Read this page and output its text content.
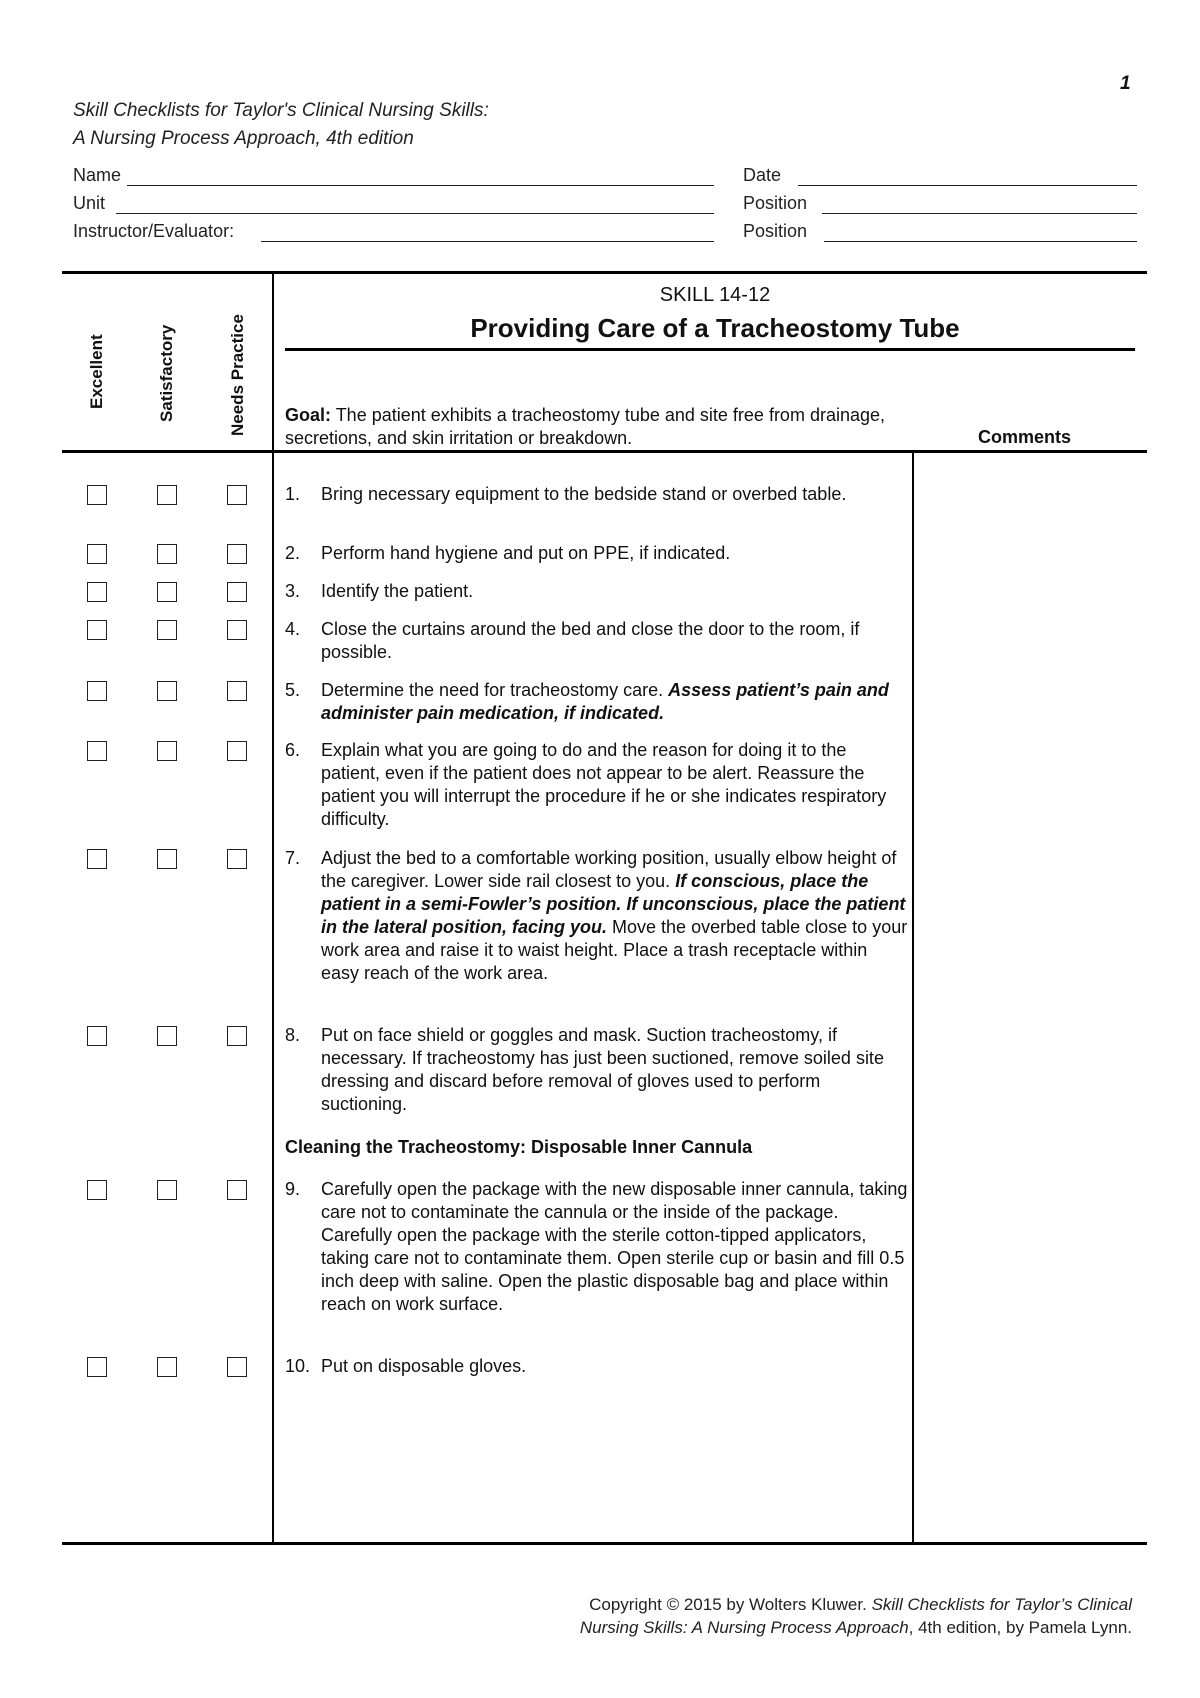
1
Skill Checklists for Taylor's Clinical Nursing Skills:
A Nursing Process Approach, 4th edition
Name	Date
Unit	Position
Instructor/Evaluator:	Position
Excellent	Satisfactory	Needs Practice
SKILL 14-12
Providing Care of a Tracheostomy Tube
Goal: The patient exhibits a tracheostomy tube and site free from drainage, secretions, and skin irritation or breakdown.	Comments
Cleaning the Tracheostomy: Disposable Inner Cannula
Copyright © 2015 by Wolters Kluwer. Skill Checklists for Taylor’s Clinical
Nursing Skills: A Nursing Process Approach, 4th edition, by Pamela Lynn.
1. Bring necessary equipment to the bedside stand or overbed table.
2. Perform hand hygiene and put on PPE, if indicated.
3. Identify the patient.
4. Close the curtains around the bed and close the door to the room, if possible.
5. Determine the need for tracheostomy care. Assess patient’s pain and administer pain medication, if indicated.
6. Explain what you are going to do and the reason for doing it to the patient, even if the patient does not appear to be alert. Reassure the patient you will interrupt the procedure if he or she indicates respiratory difficulty.
7. Adjust the bed to a comfortable working position, usually elbow height of the caregiver. Lower side rail closest to you. If conscious, place the patient in a semi-Fowler’s position. If unconscious, place the patient in the lateral position, facing you. Move the overbed table close to your work area and raise it to waist height. Place a trash receptacle within easy reach of the work area.
8. Put on face shield or goggles and mask. Suction tracheostomy, if necessary. If tracheostomy has just been suctioned, remove soiled site dressing and discard before removal of gloves used to perform suctioning.
9. Carefully open the package with the new disposable inner cannula, taking care not to contaminate the cannula or the inside of the package. Carefully open the package with the sterile cotton-tipped applicators, taking care not to contaminate them. Open sterile cup or basin and fill 0.5 inch deep with saline. Open the plastic disposable bag and place within reach on work surface.
10. Put on disposable gloves.
